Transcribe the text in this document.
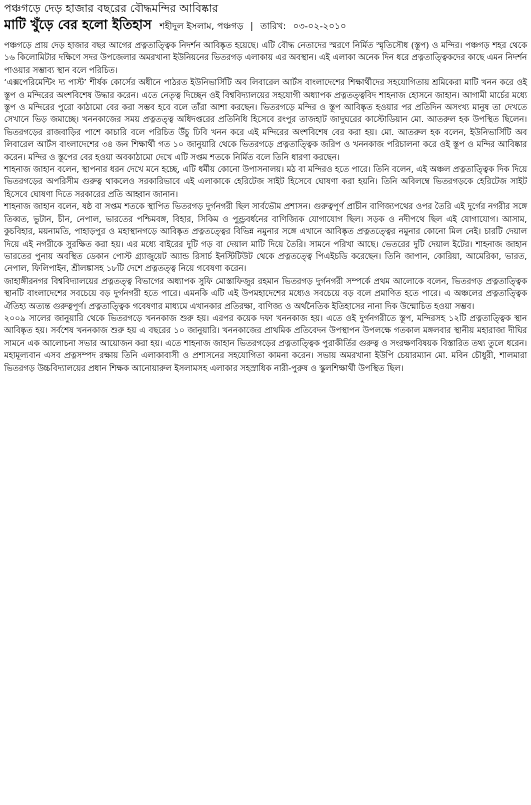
পঞ্চগড়ে দেড় হাজার বছরের বৌদ্ধমন্দির আবিষ্কার
মাটি খুঁড়ে বের হলো ইতিহাস শহীদুল ইসলাম, পঞ্চগড় | তারিখ: ০৩-০২-২০১০

পঞ্চগড়ে প্রায় দেড় হাজার বছর আগের প্রত্নতাত্ত্বিক নিদর্শন আবিষ্কৃত হয়েছে। এটি বৌদ্ধ নেতাদের স্মরণে নির্মিত স্মৃতিসৌধ (স্তূপ) ও মন্দির। পঞ্চগড় শহর থেকে ১৬ কিলোমিটার দক্ষিণে সদর উপজেলার অমরখানা ইউনিয়নের ভিতরগড় এলাকায় এর অবস্থান। এই এলাকা অনেক দিন ধরে প্রত্নতাত্ত্বিকদের কাছে এমন নিদর্শন পাওয়ার সম্ভাব্য স্থান বলে পরিচিত।

‘এক্সপেরিমেন্টিং দ্য পাস্ট’ শীর্ষক কোর্সের অধীনে পাঠরত ইউনিভার্সিটি অব লিবারেল আর্টস বাংলাদেশের শিক্ষার্থীদের সহযোগিতায় শ্রমিকেরা মাটি খনন করে ওই স্তূপ ও মন্দিরের অংশবিশেষ উদ্ধার করেন। এতে নেতৃত্ব দিচ্ছেন ওই বিশ্ববিদ্যালয়ের সহযোগী অধ্যাপক প্রত্নতত্ত্ববিদ শাহনাজ হোসনে জাহান। আগামী মার্চের মধ্যে স্তূপ ও মন্দিরের পুরো কাঠামো বের করা সম্ভব হবে বলে তাঁরা আশা করছেন। ভিতরগড়ে মন্দির ও স্তূপ আবিষ্কৃত হওয়ার পর প্রতিদিন অসংখ্য মানুষ তা দেখতে সেখানে ভিড় জমাচ্ছে। খননকাজের সময় প্রত্নতত্ত্ব অধিদপ্তরের প্রতিনিধি হিসেবে রংপুর তাজহাট জাদুঘরের কাস্টোডিয়ান মো. আতরুল হক উপস্থিত ছিলেন। ভিতরগড়ের রাজবাড়ির পাশে কাচারি বলে পরিচিত উঁচু ঢিবি খনন করে এই মন্দিরের অংশবিশেষ বের করা হয়। মো. আতরুল হক বলেন, ইউনিভার্সিটি অব লিবারেল আর্টস বাংলাদেশের ৩৪ জন শিক্ষার্থী গত ১০ জানুয়ারি থেকে ভিতরগড়ে প্রত্নতাত্ত্বিক জরিপ ও খননকাজ পরিচালনা করে ওই স্তূপ ও মন্দির আবিষ্কার করেন। মন্দির ও স্তূপের বের হওয়া অবকাঠামো দেখে এটি সপ্তম শতকে নির্মিত বলে তিনি ধারণা করছেন।

শাহনাজ জাহান বলেন, স্থাপনার ধরন দেখে মনে হচ্ছে, এটি ধর্মীয় কোনো উপাসনালয়। মঠ বা মন্দিরও হতে পারে। তিনি বলেন, এই অঞ্চল প্রত্নতাত্ত্বিক দিক দিয়ে ভিতরগড়ের অপরিসীম গুরুত্ব থাকলেও সরকারিভাবে এই এলাকাকে হেরিটেজ সাইট হিসেবে ঘোষণা করা হয়নি। তিনি অবিলম্বে ভিতরগড়কে হেরিটেজ সাইট হিসেবে ঘোষণা দিতে সরকারের প্রতি আহ্বান জানান।

শাহনাজ জাহান বলেন, ষষ্ঠ বা সপ্তম শতকে স্থাপিত ভিতরগড় দুর্গনগরী ছিল সার্বভৌম প্রশাসন। গুরুত্বপূর্ণ প্রাচীন বাণিজ্যপথের ওপর তৈরি এই দুর্গের নগরীর সঙ্গে তিব্বত, ভুটান, চীন, নেপাল, ভারতের পশ্চিমবঙ্গ, বিহার, সিকিম ও পুণ্ড্রবর্ধনের বাণিজ্যিক যোগাযোগ ছিল। সড়ক ও নদীপথে ছিল এই যোগাযোগ। আসাম, কুচবিহার, ময়নামতি, পাহাড়পুর ও মহাস্থানগড়ে আবিষ্কৃত প্রত্নতত্ত্বের বিভিন্ন নমুনার সঙ্গে এখানে আবিষ্কৃত প্রত্নতত্ত্বের নমুনার কোনো মিল নেই। চারটি দেয়াল দিয়ে এই নগরীকে সুরক্ষিত করা হয়। এর মধ্যে বাইরের দুটি গড় বা দেয়াল মাটি দিয়ে তৈরি। সামনে পরিখা আছে। ভেতরের দুটি দেয়াল ইটের। শাহনাজ জাহান ভারতের পুনায় অবস্থিত ডেকান পোস্ট গ্র্যাজুয়েট অ্যান্ড রিসার্চ ইনস্টিটিউট থেকে প্রত্নতত্ত্বে পিএইচডি করেছেন। তিনি জাপান, কোরিয়া, আমেরিকা, ভারত, নেপাল, ফিলিপাইন, শ্রীলঙ্কাসহ ১৮টি দেশে প্রত্নতত্ত্ব নিয়ে গবেষণা করেন।

জাহাঙ্গীরনগর বিশ্ববিদ্যালয়ের প্রত্নতত্ত্ব বিভাগের অধ্যাপক সুফি মোস্তাফিজুর রহমান ভিতরগড় দুর্গনগরী সম্পর্কে প্রথম আলোকে বলেন, ভিতরগড় প্রত্নতাত্ত্বিক স্থানটি বাংলাদেশের সবচেয়ে বড় দুর্গনগরী হতে পারে। এমনকি এটি এই উপমহাদেশের মধ্যেও সবচেয়ে বড় বলে প্রমাণিত হতে পারে। এ অঞ্চলের প্রত্নতাত্ত্বিক ঐতিহ্য অত্যন্ত গুরুত্বপূর্ণ। প্রত্নতাত্ত্বিক গবেষণার মাধ্যমে এখানকার প্রতিরক্ষা, বাণিজ্য ও অর্থনৈতিক ইতিহাসের নানা দিক উন্মোচিত হওয়া সম্ভব।

২০০৯ সালের জানুয়ারি থেকে ভিতরগড়ে খননকাজ শুরু হয়। এরপর কয়েক দফা খননকাজ হয়। এতে ওই দুর্গনগরীতে স্তূপ, মন্দিরসহ ১২টি প্রত্নতাত্ত্বিক স্থান আবিষ্কৃত হয়। সর্বশেষ খননকাজ শুরু হয় এ বছরের ১০ জানুয়ারি। খননকাজের প্রাথমিক প্রতিবেদন উপস্থাপন উপলক্ষে গতকাল মঙ্গলবার স্থানীয় মহারাজা দীঘির সামনে এক আলোচনা সভার আয়োজন করা হয়। এতে শাহনাজ জাহান ভিতরগড়ের প্রত্নতাত্ত্বিক পুরাকীর্তির গুরুত্ব ও সংরক্ষণবিষয়ক বিস্তারিত তথ্য তুলে ধরেন। মহামূল্যবান এসব প্রত্নসম্পদ রক্ষায় তিনি এলাকাবাসী ও প্রশাসনের সহযোগিতা কামনা করেন। সভায় অমরখানা ইউপি চেয়ারম্যান মো. মবিন চৌধুরী, শালমারা ভিতরগড় উচ্চবিদ্যালয়ের প্রধান শিক্ষক আনোয়ারুল ইসলামসহ এলাকার সহস্রাধিক নারী-পুরুষ ও স্কুলশিক্ষার্থী উপস্থিত ছিল।
